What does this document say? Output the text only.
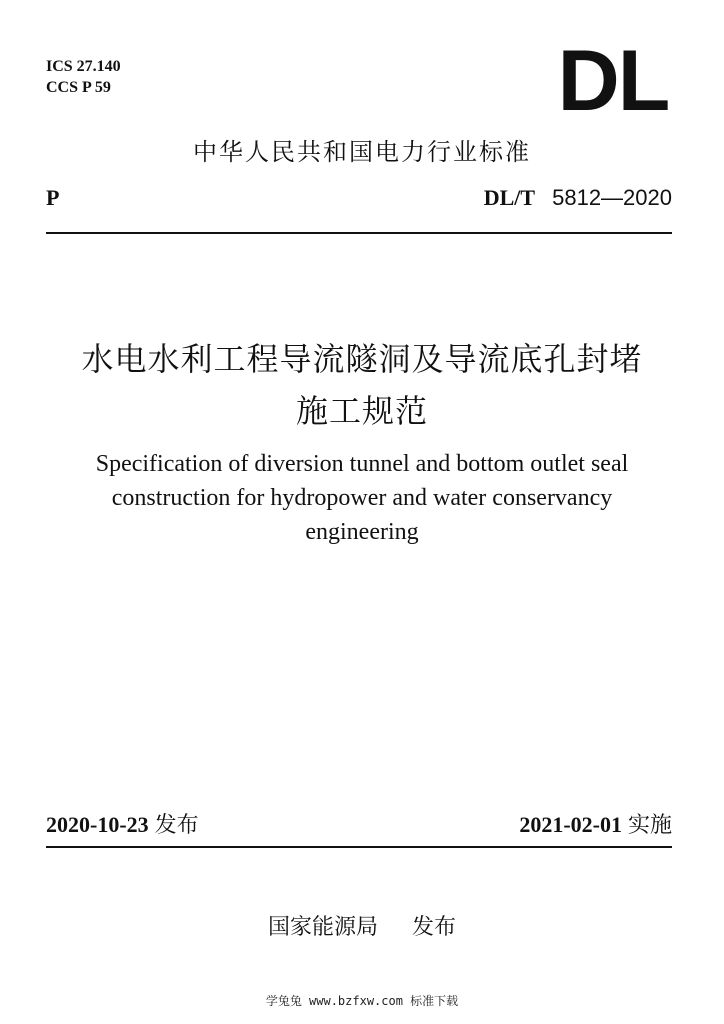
ICS 27.140
CCS P 59	DL
中华人民共和国电力行业标准
P	DL/T 5812—2020
水电水利工程导流隧洞及导流底孔封堵
施工规范
Specification of diversion tunnel and bottom outlet seal
construction for hydropower and water conservancy
engineering
2020-10-23 发布	2021-02-01 实施
国家能源局 发布
学兔兔 www.bzfxw.com 标准下载
